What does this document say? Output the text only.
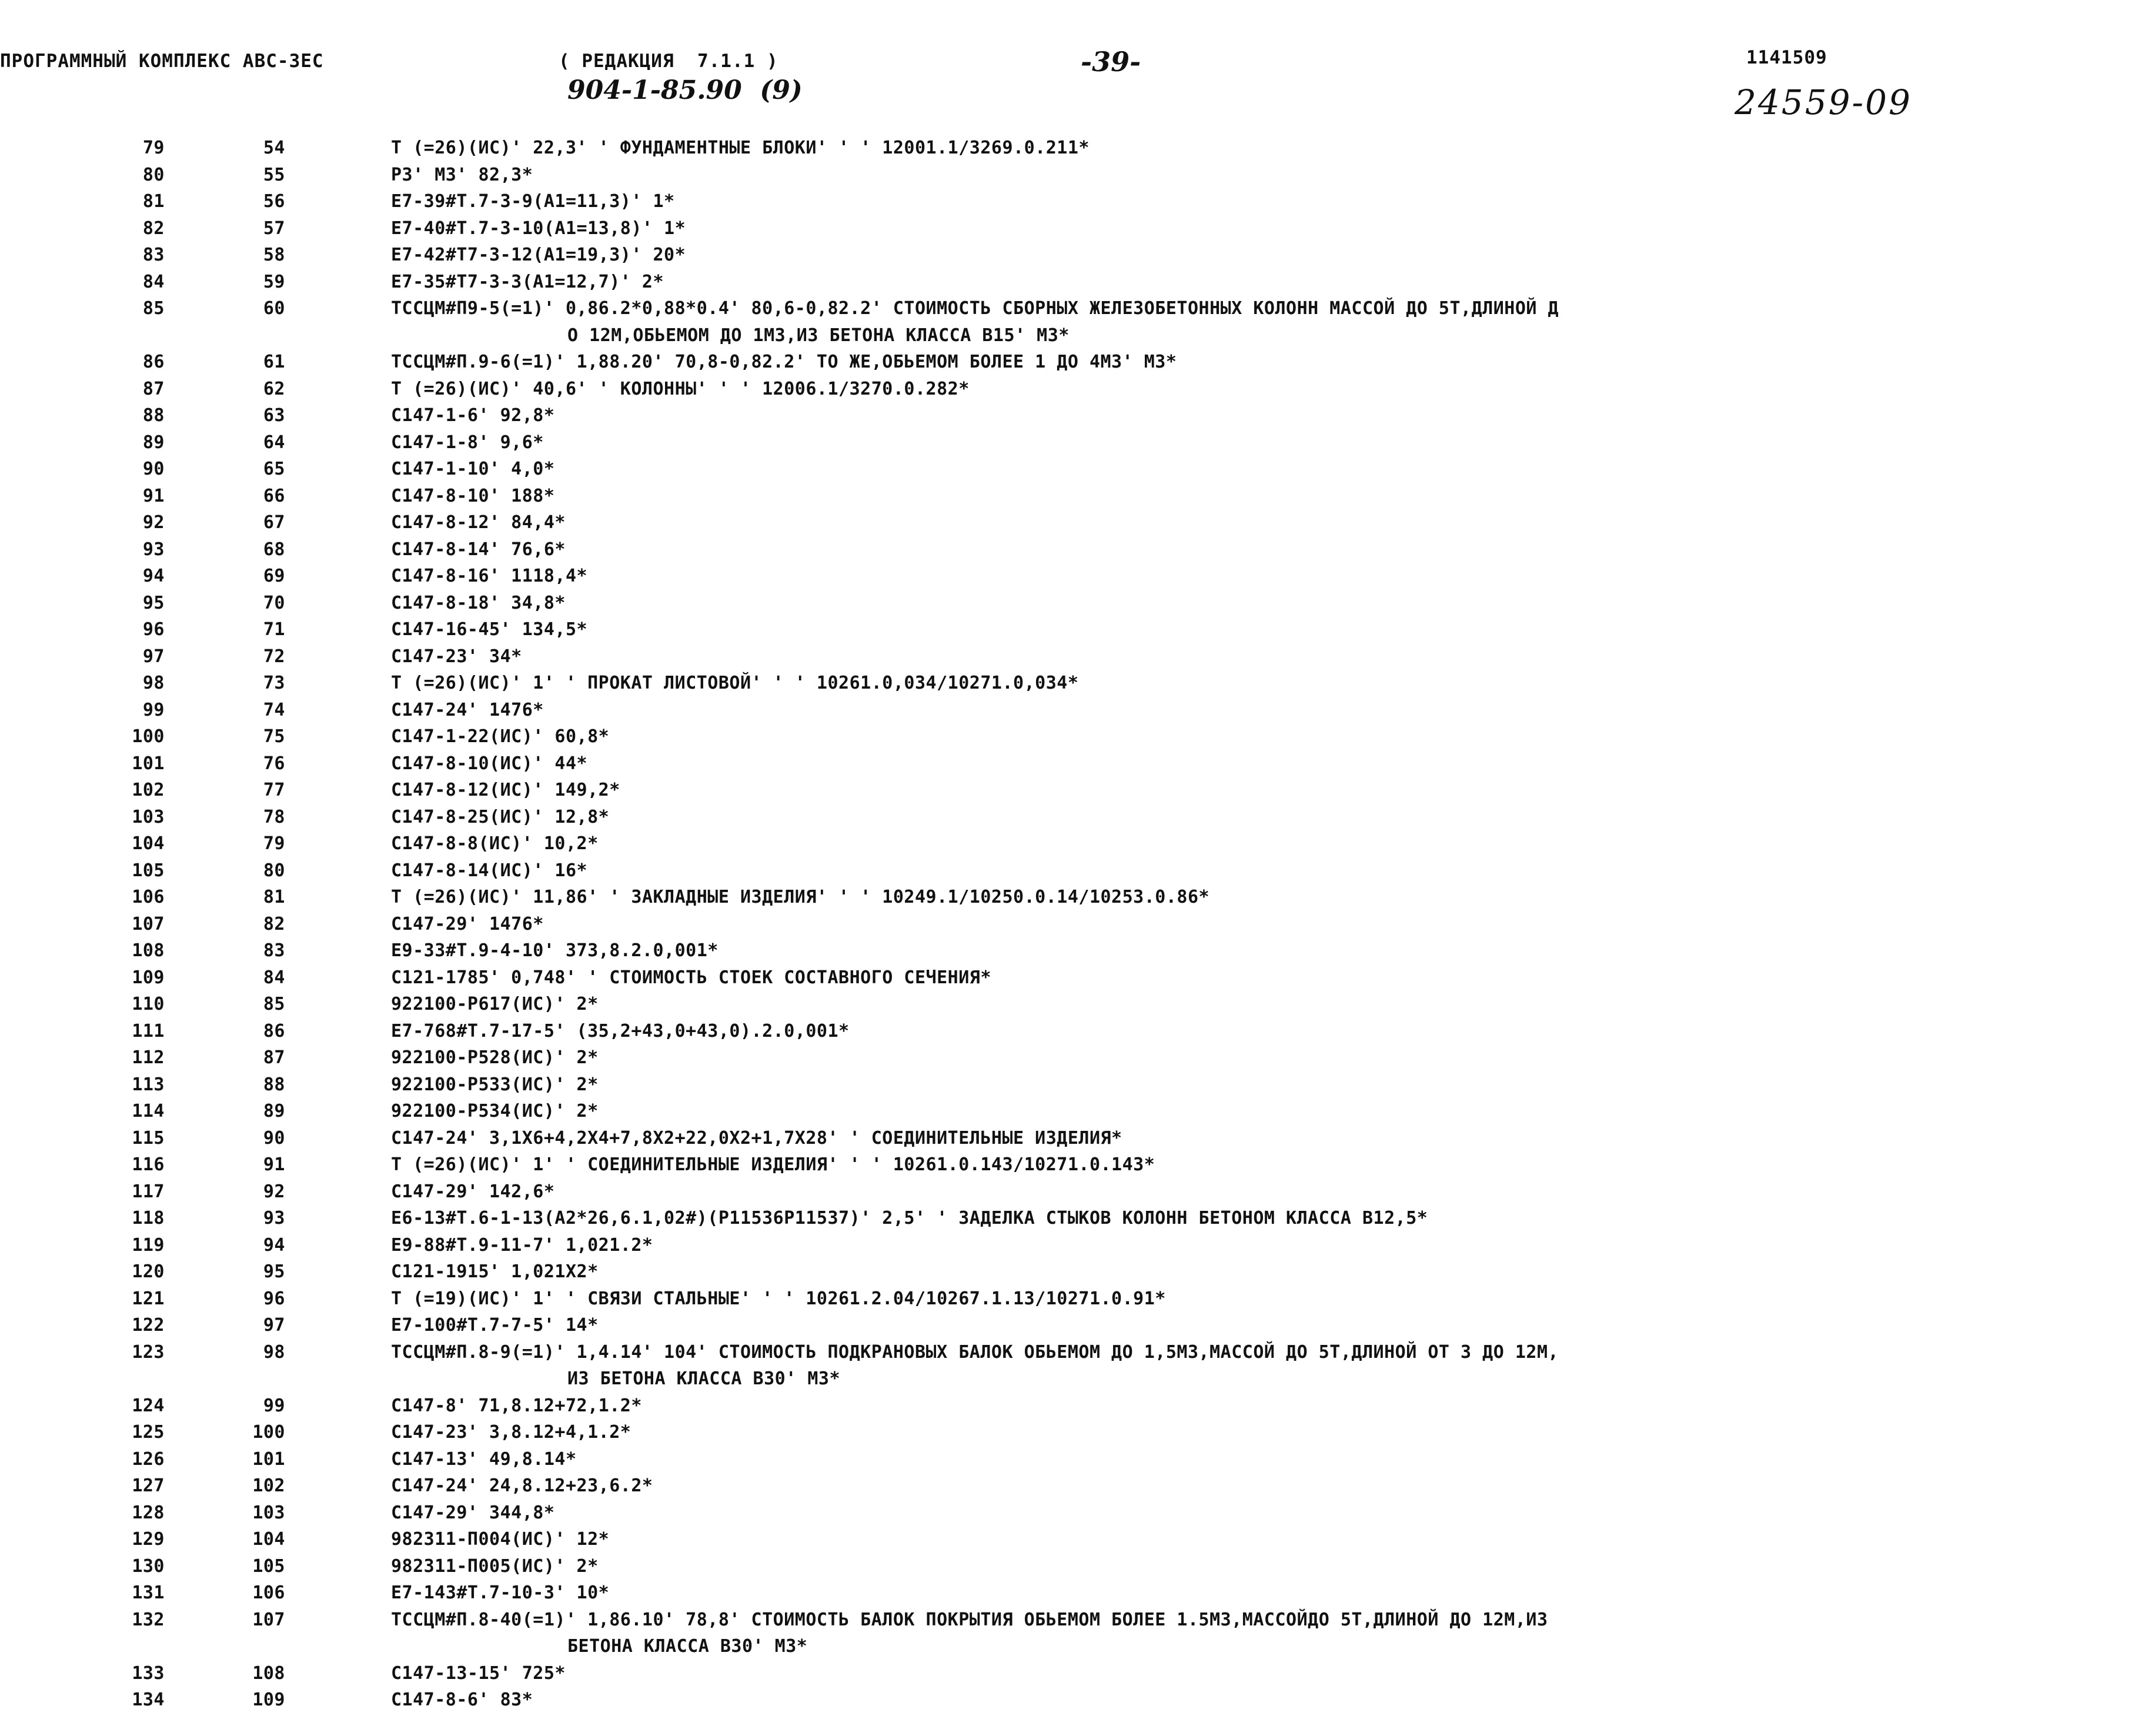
ПРОГРАММНЫЙ КОМПЛЕКС АВС-3ЕС	( РЕДАКЦИЯ  7.1.1 )	-39-	1141509
904-1-85.90  (9)	24559-09
79	54	Т (=26)(ИС)' 22,3' ' ФУНДАМЕНТНЫЕ БЛОКИ' ' ' 12001.1/3269.0.211*
80	55	РЗ' МЗ' 82,3*
81	56	Е7-39#Т.7-3-9(А1=11,3)' 1*
82	57	Е7-40#Т.7-3-10(А1=13,8)' 1*
83	58	Е7-42#Т7-3-12(А1=19,3)' 20*
84	59	Е7-35#Т7-3-3(А1=12,7)' 2*
85	60	ТССЦМ#П9-5(=1)' 0,86.2*0,88*0.4' 80,6-0,82.2' СТОИМОСТЬ СБОРНЫХ ЖЕЛЕЗОБЕТОННЫХ КОЛОНН МАССОЙ ДО 5Т,ДЛИНОЙ Д
О 12М,ОБЬЕМОМ ДО 1М3,ИЗ БЕТОНА КЛАССА В15' М3*
86	61	ТССЦМ#П.9-6(=1)' 1,88.20' 70,8-0,82.2' ТО ЖЕ,ОБЬЕМОМ БОЛЕЕ 1 ДО 4М3' М3*
87	62	Т (=26)(ИС)' 40,6' ' КОЛОННЫ' ' ' 12006.1/3270.0.282*
88	63	С147-1-6' 92,8*
89	64	С147-1-8' 9,6*
90	65	С147-1-10' 4,0*
91	66	С147-8-10' 188*
92	67	С147-8-12' 84,4*
93	68	С147-8-14' 76,6*
94	69	С147-8-16' 1118,4*
95	70	С147-8-18' 34,8*
96	71	С147-16-45' 134,5*
97	72	С147-23' 34*
98	73	Т (=26)(ИС)' 1' ' ПРОКАТ ЛИСТОВОЙ' ' ' 10261.0,034/10271.0,034*
99	74	С147-24' 1476*
100	75	С147-1-22(ИС)' 60,8*
101	76	С147-8-10(ИС)' 44*
102	77	С147-8-12(ИС)' 149,2*
103	78	С147-8-25(ИС)' 12,8*
104	79	С147-8-8(ИС)' 10,2*
105	80	С147-8-14(ИС)' 16*
106	81	Т (=26)(ИС)' 11,86' ' ЗАКЛАДНЫЕ ИЗДЕЛИЯ' ' ' 10249.1/10250.0.14/10253.0.86*
107	82	С147-29' 1476*
108	83	Е9-33#Т.9-4-10' 373,8.2.0,001*
109	84	С121-1785' 0,748' ' СТОИМОСТЬ СТОЕК СОСТАВНОГО СЕЧЕНИЯ*
110	85	922100-Р617(ИС)' 2*
111	86	Е7-768#Т.7-17-5' (35,2+43,0+43,0).2.0,001*
112	87	922100-Р528(ИС)' 2*
113	88	922100-Р533(ИС)' 2*
114	89	922100-Р534(ИС)' 2*
115	90	С147-24' 3,1Х6+4,2Х4+7,8Х2+22,0Х2+1,7Х28' ' СОЕДИНИТЕЛЬНЫЕ ИЗДЕЛИЯ*
116	91	Т (=26)(ИС)' 1' ' СОЕДИНИТЕЛЬНЫЕ ИЗДЕЛИЯ' ' ' 10261.0.143/10271.0.143*
117	92	С147-29' 142,6*
118	93	Е6-13#Т.6-1-13(А2*26,6.1,02#)(Р11536Р11537)' 2,5' ' ЗАДЕЛКА СТЫКОВ КОЛОНН БЕТОНОМ КЛАССА В12,5*
119	94	Е9-88#Т.9-11-7' 1,021.2*
120	95	С121-1915' 1,021Х2*
121	96	Т (=19)(ИС)' 1' ' СВЯЗИ СТАЛЬНЫЕ' ' ' 10261.2.04/10267.1.13/10271.0.91*
122	97	Е7-100#Т.7-7-5' 14*
123	98	ТССЦМ#П.8-9(=1)' 1,4.14' 104' СТОИМОСТЬ ПОДКРАНОВЫХ БАЛОК ОБЬЕМОМ ДО 1,5М3,МАССОЙ ДО 5Т,ДЛИНОЙ ОТ 3 ДО 12М,
ИЗ БЕТОНА КЛАССА В30' М3*
124	99	С147-8' 71,8.12+72,1.2*
125	100	С147-23' 3,8.12+4,1.2*
126	101	С147-13' 49,8.14*
127	102	С147-24' 24,8.12+23,6.2*
128	103	С147-29' 344,8*
129	104	982311-П004(ИС)' 12*
130	105	982311-П005(ИС)' 2*
131	106	Е7-143#Т.7-10-3' 10*
132	107	ТССЦМ#П.8-40(=1)' 1,86.10' 78,8' СТОИМОСТЬ БАЛОК ПОКРЫТИЯ ОБЬЕМОМ БОЛЕЕ 1.5М3,МАССОЙДО 5Т,ДЛИНОЙ ДО 12М,ИЗ
БЕТОНА КЛАССА В30' М3*
133	108	С147-13-15' 725*
134	109	С147-8-6' 83*
